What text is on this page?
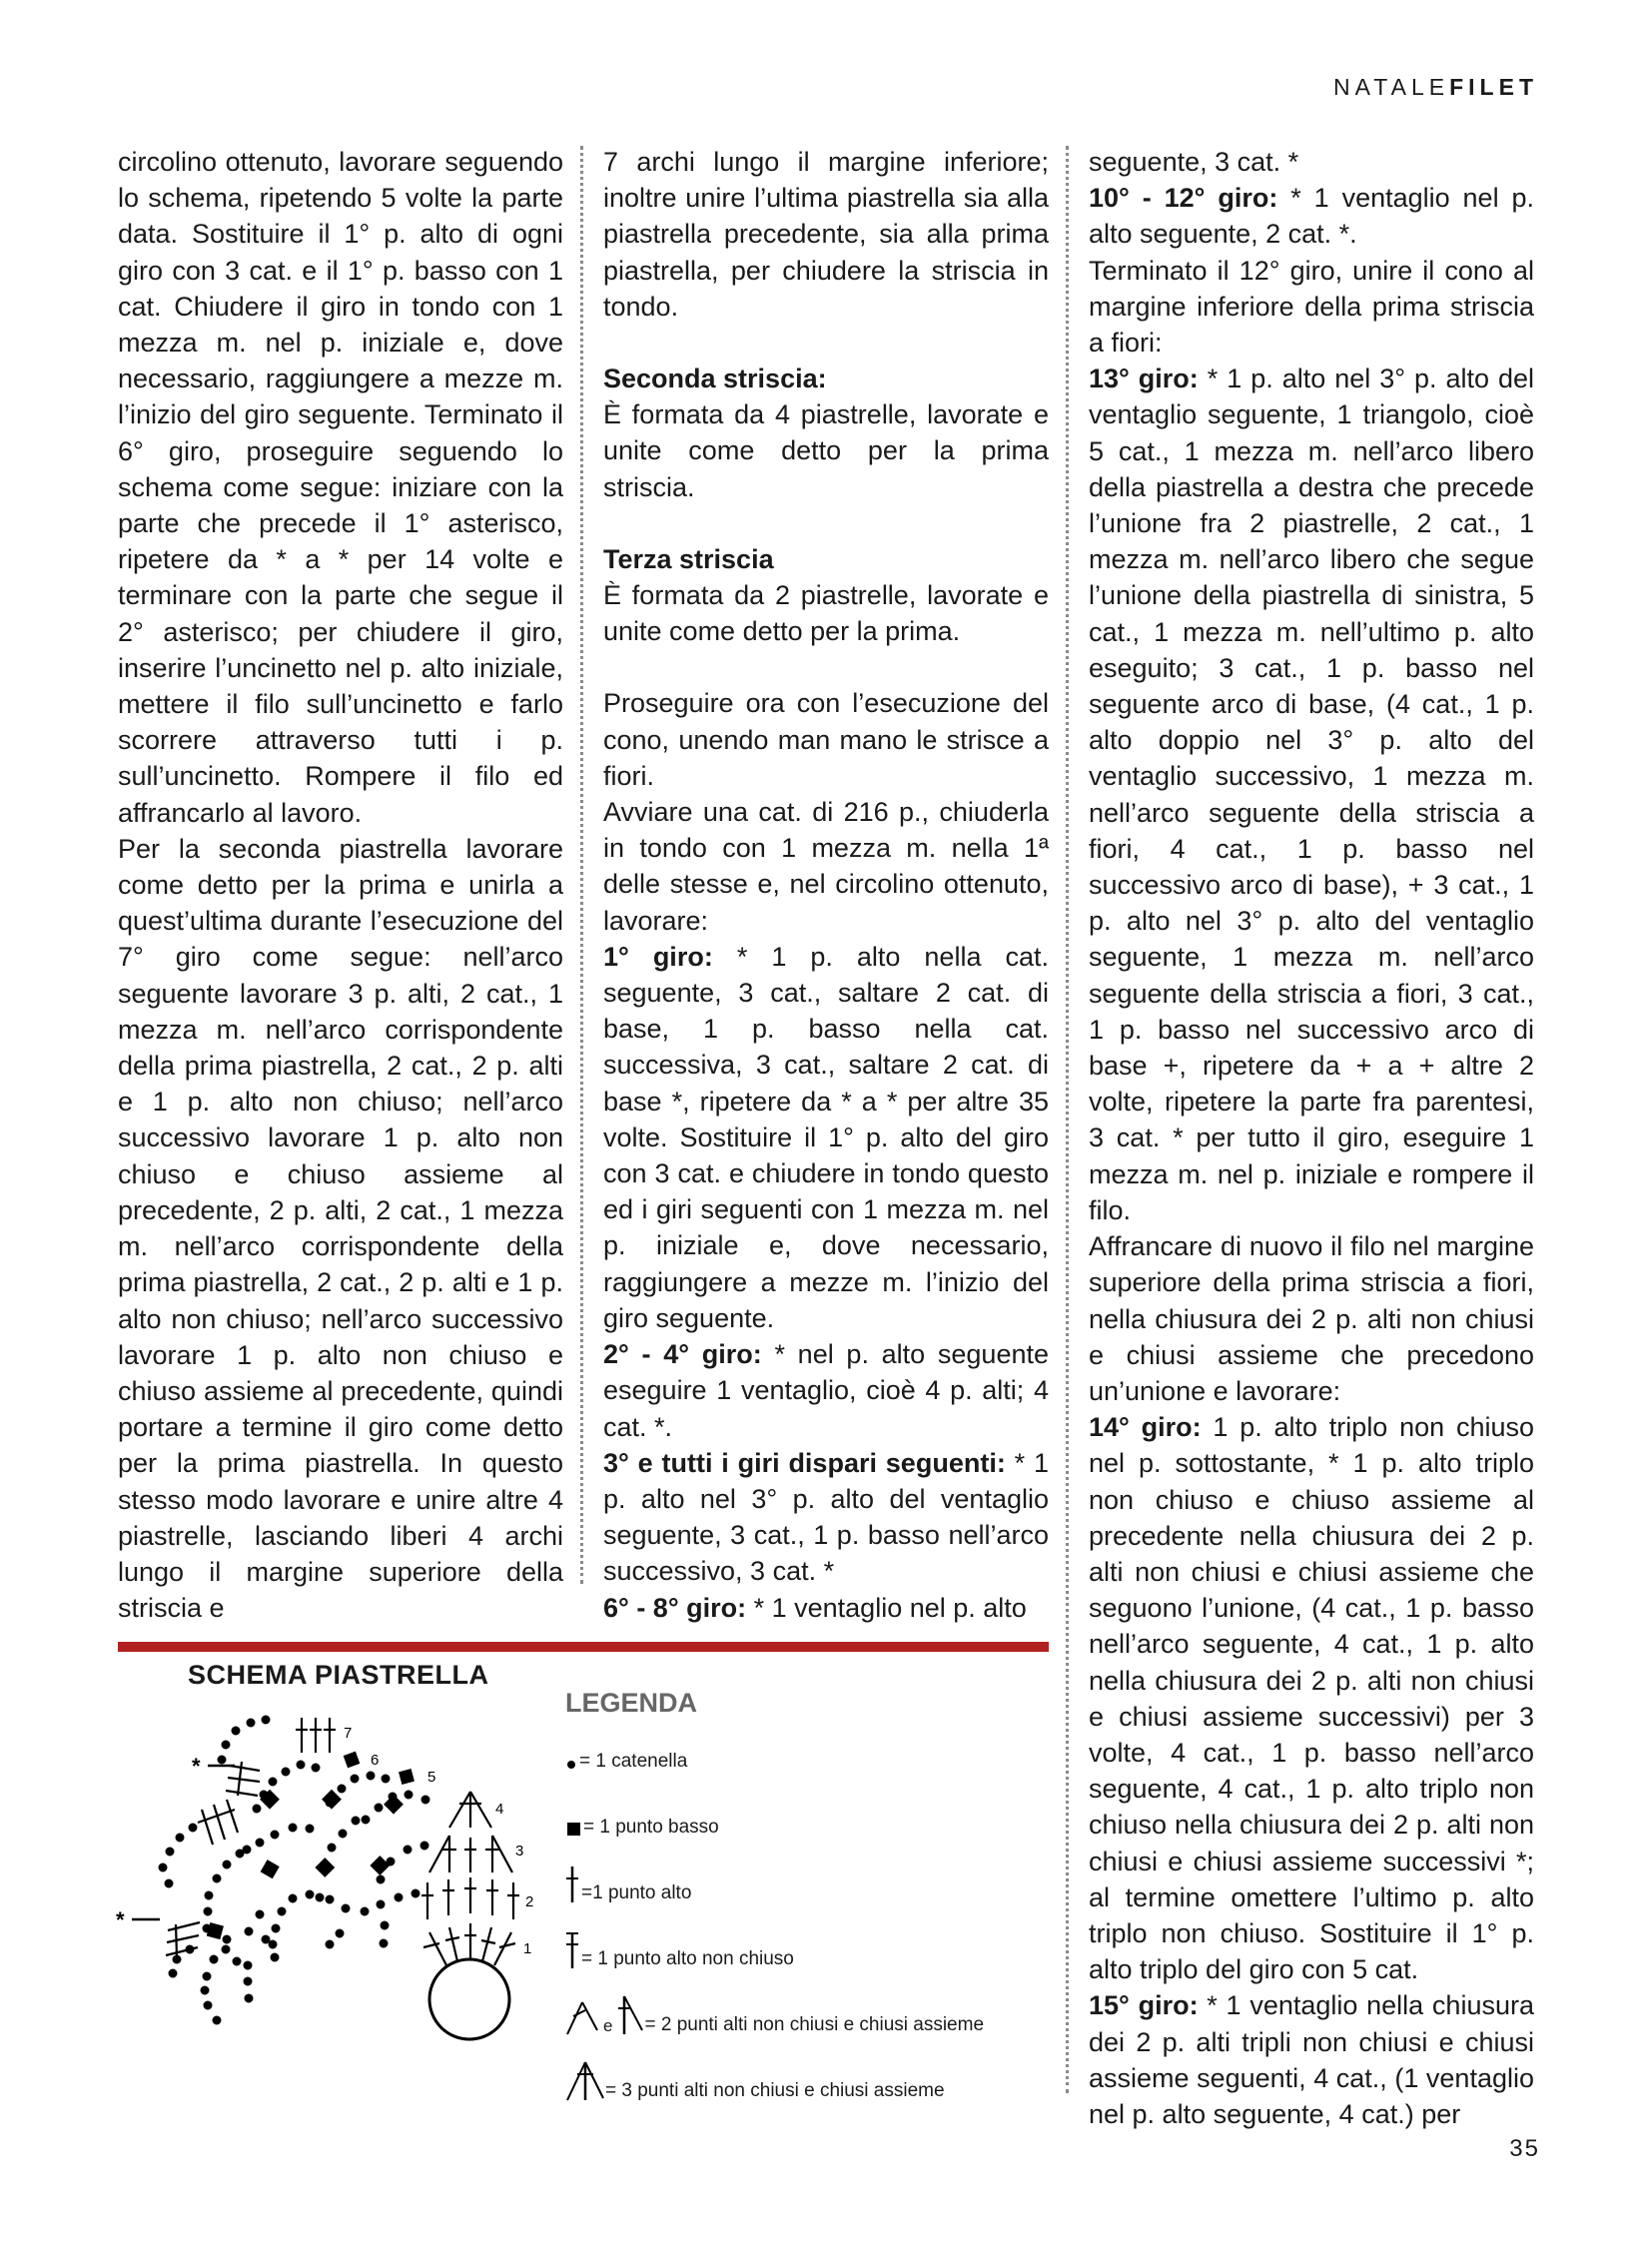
NATALEFILET

circolino ottenuto, lavorare seguendo lo schema, ripetendo 5 volte la parte data. Sostituire il 1° p. alto di ogni giro con 3 cat. e il 1° p. basso con 1 cat. Chiudere il giro in tondo con 1 mezza m. nel p. iniziale e, dove necessario, raggiungere a mezze m. l’inizio del giro seguente. Terminato il 6° giro, proseguire seguendo lo schema come segue: iniziare con la parte che precede il 1° asterisco, ripetere da * a * per 14 volte e terminare con la parte che segue il 2° asterisco; per chiudere il giro, inserire l’uncinetto nel p. alto iniziale, mettere il filo sull’uncinetto e farlo scorrere attraverso tutti i p. sull’uncinetto. Rompere il filo ed affrancarlo al lavoro.

Per la seconda piastrella lavorare come detto per la prima e unirla a quest’ultima durante l’esecuzione del 7° giro come segue: nell’arco seguente lavorare 3 p. alti, 2 cat., 1 mezza m. nell’arco corrispondente della prima piastrella, 2 cat., 2 p. alti e 1 p. alto non chiuso; nell’arco successivo lavorare 1 p. alto non chiuso e chiuso assieme al precedente, 2 p. alti, 2 cat., 1 mezza m. nell’arco corrispondente della prima piastrella, 2 cat., 2 p. alti e 1 p. alto non chiuso; nell’arco successivo lavorare 1 p. alto non chiuso e chiuso assieme al precedente, quindi portare a termine il giro come detto per la prima piastrella. In questo stesso modo lavorare e unire altre 4 piastrelle, lasciando liberi 4 archi lungo il margine superiore della striscia e

7 archi lungo il margine inferiore; inoltre unire l’ultima piastrella sia alla piastrella precedente, sia alla prima piastrella, per chiudere la striscia in tondo.

Seconda striscia:

È formata da 4 piastrelle, lavorate e unite come detto per la prima striscia.

Terza striscia

È formata da 2 piastrelle, lavorate e unite come detto per la prima.

Proseguire ora con l’esecuzione del cono, unendo man mano le strisce a fiori.

Avviare una cat. di 216 p., chiuderla in tondo con 1 mezza m. nella 1ª delle stesse e, nel circolino ottenuto, lavorare:

1° giro: * 1 p. alto nella cat. seguente, 3 cat., saltare 2 cat. di base, 1 p. basso nella cat. successiva, 3 cat., saltare 2 cat. di base *, ripetere da * a * per altre 35 volte. Sostituire il 1° p. alto del giro con 3 cat. e chiudere in tondo questo ed i giri seguenti con 1 mezza m. nel p. iniziale e, dove necessario, raggiungere a mezze m. l’inizio del giro seguente.

2° - 4° giro: * nel p. alto seguente eseguire 1 ventaglio, cioè 4 p. alti; 4 cat. *.

3° e tutti i giri dispari seguenti: * 1 p. alto nel 3° p. alto del ventaglio seguente, 3 cat., 1 p. basso nell’arco successivo, 3 cat. *

6° - 8° giro: * 1 ventaglio nel p. alto

seguente, 3 cat. *

10° - 12° giro: * 1 ventaglio nel p. alto seguente, 2 cat. *.

Terminato il 12° giro, unire il cono al margine inferiore della prima striscia a fiori:

13° giro: * 1 p. alto nel 3° p. alto del ventaglio seguente, 1 triangolo, cioè 5 cat., 1 mezza m. nell’arco libero della piastrella a destra che precede l’unione fra 2 piastrelle, 2 cat., 1 mezza m. nell’arco libero che segue l’unione della piastrella di sinistra, 5 cat., 1 mezza m. nell’ultimo p. alto eseguito; 3 cat., 1 p. basso nel seguente arco di base, (4 cat., 1 p. alto doppio nel 3° p. alto del ventaglio successivo, 1 mezza m. nell’arco seguente della striscia a fiori, 4 cat., 1 p. basso nel successivo arco di base), + 3 cat., 1 p. alto nel 3° p. alto del ventaglio seguente, 1 mezza m. nell’arco seguente della striscia a fiori, 3 cat., 1 p. basso nel successivo arco di base +, ripetere da + a + altre 2 volte, ripetere la parte fra parentesi, 3 cat. * per tutto il giro, eseguire 1 mezza m. nel p. iniziale e rompere il filo.

Affrancare di nuovo il filo nel margine superiore della prima striscia a fiori, nella chiusura dei 2 p. alti non chiusi e chiusi assieme che precedono un’unione e lavorare:

14° giro: 1 p. alto triplo non chiuso nel p. sottostante, * 1 p. alto triplo non chiuso e chiuso assieme al precedente nella chiusura dei 2 p. alti non chiusi e chiusi assieme che seguono l’unione, (4 cat., 1 p. basso nell’arco seguente, 4 cat., 1 p. alto nella chiusura dei 2 p. alti non chiusi e chiusi assieme successivi) per 3 volte, 4 cat., 1 p. basso nell’arco seguente, 4 cat., 1 p. alto triplo non chiuso nella chiusura dei 2 p. alti non chiusi e chiusi assieme successivi *; al termine omettere l’ultimo p. alto triplo non chiuso. Sostituire il 1° p. alto triplo del giro con 5 cat.

15° giro: * 1 ventaglio nella chiusura dei 2 p. alti tripli non chiusi e chiusi assieme seguenti, 4 cat., (1 ventaglio nel p. alto seguente, 4 cat.) per

SCHEMA PIASTRELLA
*
*
1
2
3
4
5
6
7
LEGENDA
= 1 catenella
= 1 punto basso
=1 punto alto
= 1 punto alto non chiuso
e = 2 punti alti non chiusi e chiusi assieme
= 3 punti alti non chiusi e chiusi assieme
35
